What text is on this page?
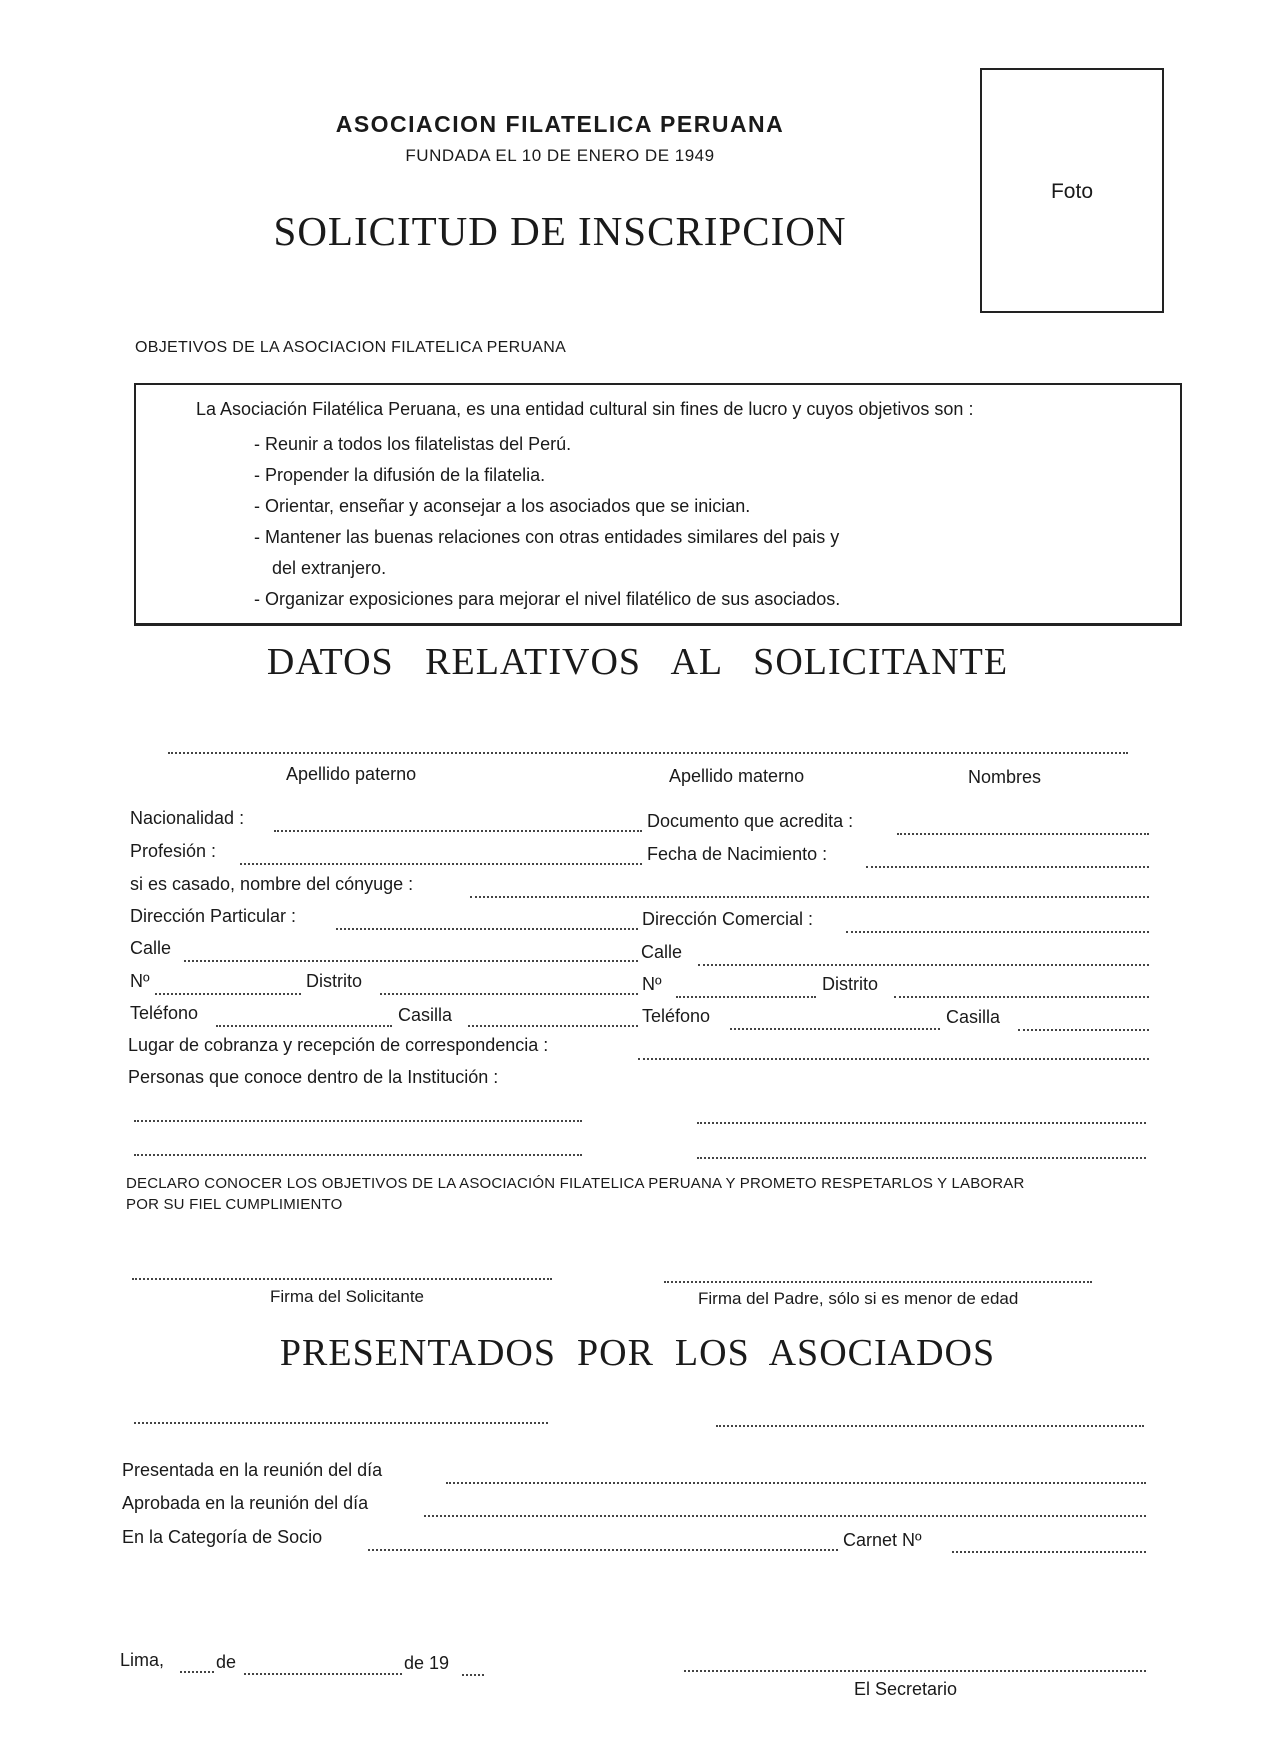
ASOCIACION FILATELICA PERUANA
FUNDADA EL 10 DE ENERO DE 1949
SOLICITUD DE INSCRIPCION
Foto
OBJETIVOS DE LA ASOCIACION FILATELICA PERUANA
La Asociación Filatélica Peruana, es una entidad cultural sin fines de lucro y cuyos objetivos son :
- Reunir a todos los filatelistas del Perú.
- Propender la difusión de la filatelia.
- Orientar, enseñar y aconsejar a los asociados que se inician.
- Mantener las buenas relaciones con otras entidades similares del pais y
del extranjero.
- Organizar exposiciones para mejorar el nivel filatélico de sus asociados.
DATOS   RELATIVOS   AL   SOLICITANTE
Apellido paterno	Apellido materno	Nombres
Nacionalidad :	Documento que acredita :
Profesión :	Fecha de Nacimiento :
si es casado, nombre del cónyuge :
Dirección Particular :	Dirección Comercial :
Calle	Calle
Nº	Distrito	Nº	Distrito
Teléfono	Casilla	Teléfono	Casilla
Lugar de cobranza y recepción de correspondencia :
Personas que conoce dentro de la Institución :
DECLARO CONOCER LOS OBJETIVOS DE LA ASOCIACIÓN FILATELICA PERUANA Y PROMETO RESPETARLOS Y LABORAR
POR SU FIEL CUMPLIMIENTO
Firma del Solicitante	Firma del Padre, sólo si es menor de edad
PRESENTADOS  POR  LOS  ASOCIADOS
Presentada en la reunión del día
Aprobada en la reunión del día
En la Categoría de Socio	Carnet Nº
Lima,	de	de 19
El Secretario
